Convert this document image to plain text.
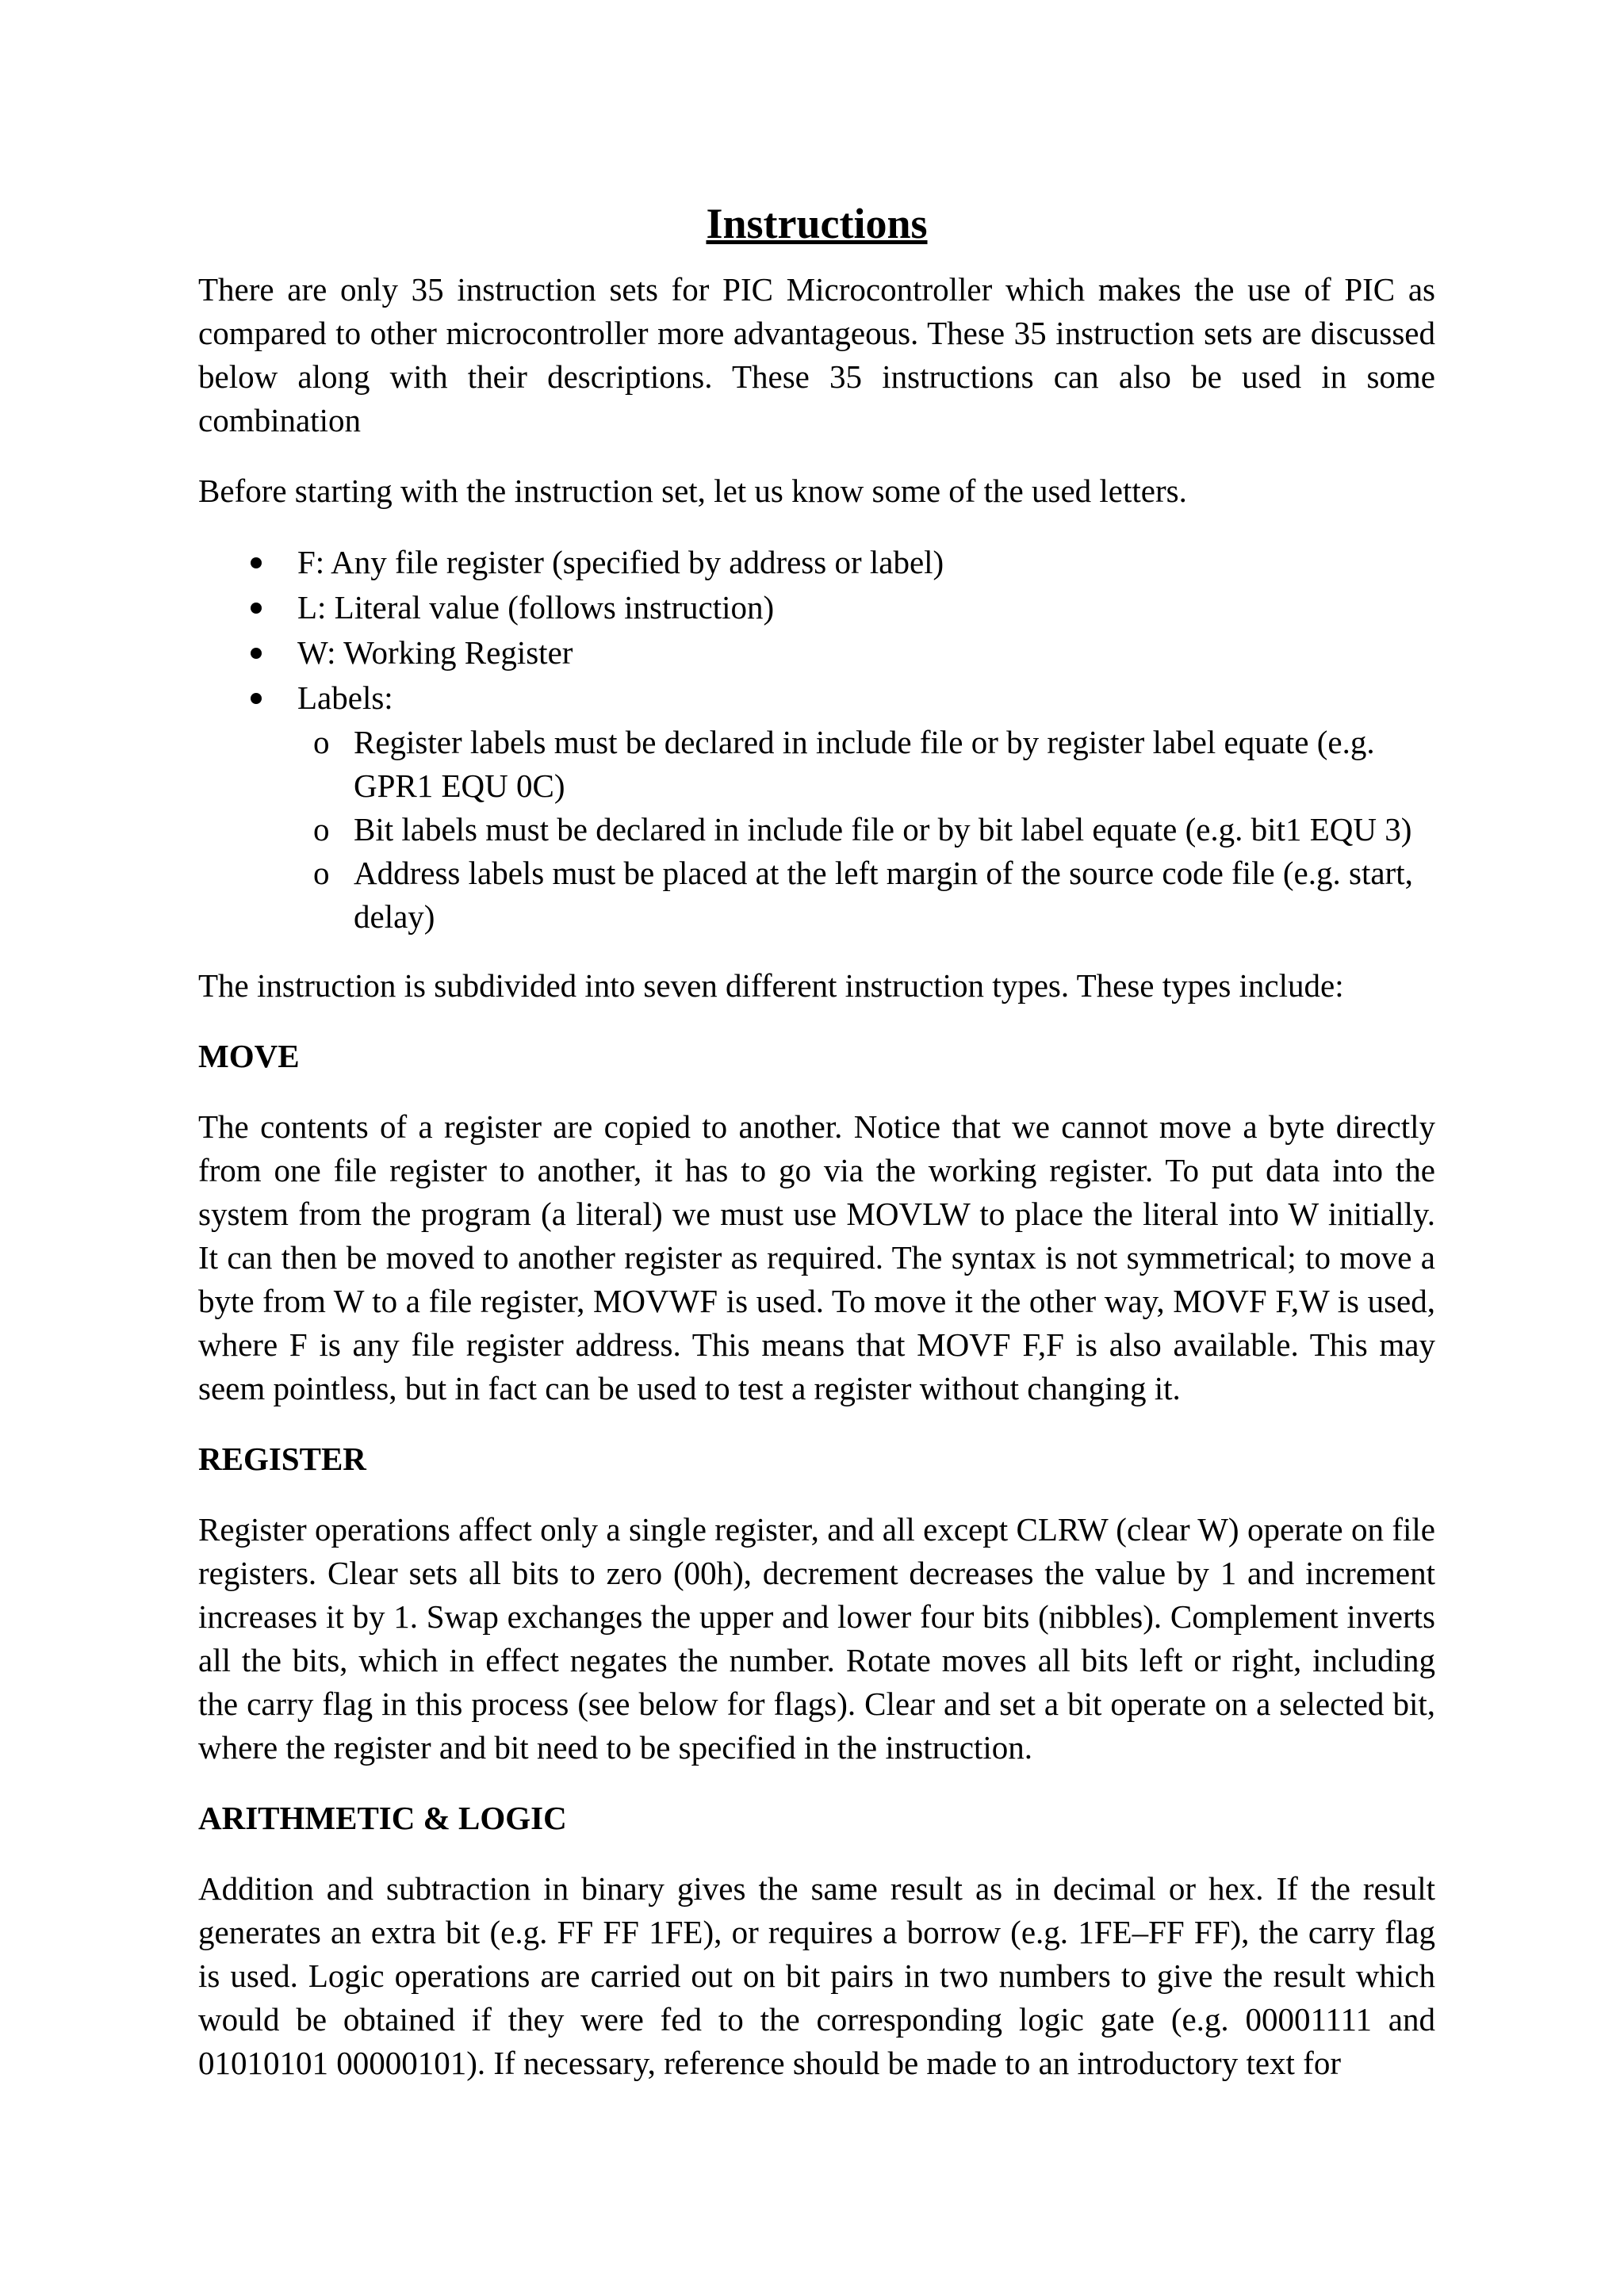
Instructions

There are only 35 instruction sets for PIC Microcontroller which makes the use of PIC as compared to other microcontroller more advantageous. These 35 instruction sets are discussed below along with their descriptions. These 35 instructions can also be used in some combination

Before starting with the instruction set, let us know some of the used letters.

F: Any file register (specified by address or label)
L: Literal value (follows instruction)
W: Working Register
Labels:
o Register labels must be declared in include file or by register label equate (e.g. GPR1 EQU 0C)
o Bit labels must be declared in include file or by bit label equate (e.g. bit1 EQU 3)
o Address labels must be placed at the left margin of the source code file (e.g. start, delay)

The instruction is subdivided into seven different instruction types. These types include:

MOVE

The contents of a register are copied to another. Notice that we cannot move a byte directly from one file register to another, it has to go via the working register. To put data into the system from the program (a literal) we must use MOVLW to place the literal into W initially. It can then be moved to another register as required. The syntax is not symmetrical; to move a byte from W to a file register, MOVWF is used. To move it the other way, MOVF F,W is used, where F is any file register address. This means that MOVF F,F is also available. This may seem pointless, but in fact can be used to test a register without changing it.

REGISTER

Register operations affect only a single register, and all except CLRW (clear W) operate on file registers. Clear sets all bits to zero (00h), decrement decreases the value by 1 and increment increases it by 1. Swap exchanges the upper and lower four bits (nibbles). Complement inverts all the bits, which in effect negates the number. Rotate moves all bits left or right, including the carry flag in this process (see below for flags). Clear and set a bit operate on a selected bit, where the register and bit need to be specified in the instruction.

ARITHMETIC & LOGIC

Addition and subtraction in binary gives the same result as in decimal or hex. If the result generates an extra bit (e.g. FF FF 1FE), or requires a borrow (e.g. 1FE–FF FF), the carry flag is used. Logic operations are carried out on bit pairs in two numbers to give the result which would be obtained if they were fed to the corresponding logic gate (e.g. 00001111 and 01010101 00000101). If necessary, reference should be made to an introductory text for
